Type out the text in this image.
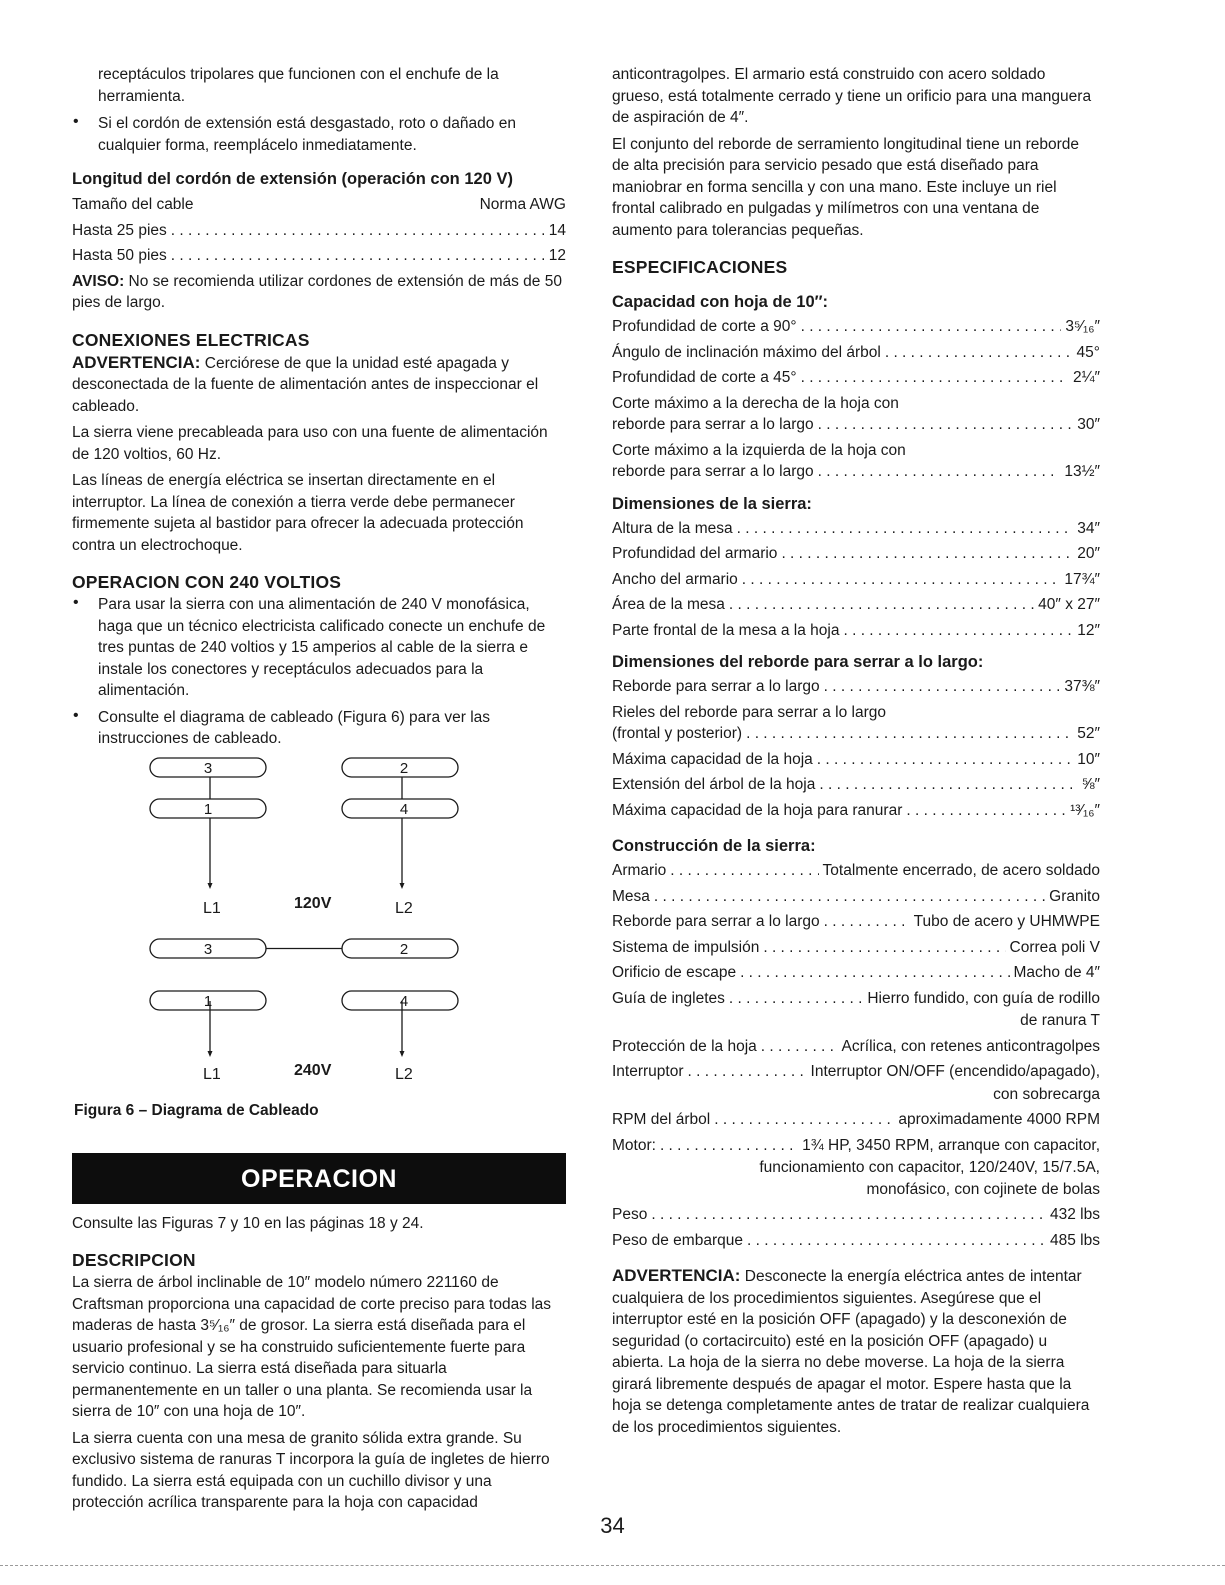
receptáculos tripolares que funcionen con el enchufe de la herramienta.

• Si el cordón de extensión está desgastado, roto o dañado en cualquier forma, reemplácelo inmediatamente.

Longitud del cordón de extensión (operación con 120 V)
Tamaño del cable	Norma AWG
Hasta 25 pies . . .	14
Hasta 50 pies . . .	12

AVISO: No se recomienda utilizar cordones de extensión de más de 50 pies de largo.

CONEXIONES ELECTRICAS

ADVERTENCIA: Cerciórese de que la unidad esté apagada y desconectada de la fuente de alimentación antes de inspeccionar el cableado.

La sierra viene precableada para uso con una fuente de alimentación de 120 voltios, 60 Hz.

Las líneas de energía eléctrica se insertan directamente en el interruptor. La línea de conexión a tierra verde debe permanecer firmemente sujeta al bastidor para ofrecer la adecuada protección contra un electrochoque.

OPERACION CON 240 VOLTIOS
• Para usar la sierra con una alimentación de 240 V monofásica, haga que un técnico electricista calificado conecte un enchufe de tres puntas de 240 voltios y 15 amperios al cable de la sierra e instale los conectores y receptáculos adecuados para la alimentación.

• Consulte el diagrama de cableado (Figura 6) para ver las instrucciones de cableado.

3	2
1	4
L1	L2
120V
3	2
1	4
L1	L2
240V

Figura 6 – Diagrama de Cableado

OPERACION

Consulte las Figuras 7 y 10 en las páginas 18 y 24.

DESCRIPCION

La sierra de árbol inclinable de 10″ modelo número 221160 de Craftsman proporciona una capacidad de corte preciso para todas las maderas de hasta 3⁵⁄₁₆″ de grosor. La sierra está diseñada para el usuario profesional y se ha construido suficientemente fuerte para servicio continuo. La sierra está diseñada para situarla permanentemente en un taller o una planta. Se recomienda usar la sierra de 10″ con una hoja de 10″.

La sierra cuenta con una mesa de granito sólida extra grande. Su exclusivo sistema de ranuras T incorpora la guía de ingletes de hierro fundido. La sierra está equipada con un cuchillo divisor y una protección acrílica transparente para la hoja con capacidad

anticontragolpes. El armario está construido con acero soldado grueso, está totalmente cerrado y tiene un orificio para una manguera de aspiración de 4″.

El conjunto del reborde de serramiento longitudinal tiene un reborde de alta precisión para servicio pesado que está diseñado para maniobrar en forma sencilla y con una mano. Este incluye un riel frontal calibrado en pulgadas y milímetros con una ventana de aumento para tolerancias pequeñas.

ESPECIFICACIONES
Capacidad con hoja de 10″:
Profundidad de corte a 90° . . .	3⁵⁄₁₆″
Ángulo de inclinación máximo del árbol . . .	45°
Profundidad de corte a 45° . . .	2¼″

Corte máximo a la derecha de la hoja con

reborde para serrar a lo largo . . .	30″

Corte máximo a la izquierda de la hoja con

reborde para serrar a lo largo . . .	13½″
Dimensiones de la sierra:
Altura de la mesa . . .	34″
Profundidad del armario . . .	20″
Ancho del armario . . .	17¾″
Área de la mesa . . .	40″ x 27″
Parte frontal de la mesa a la hoja . . .	12″
Dimensiones del reborde para serrar a lo largo:
Reborde para serrar a lo largo . . .	37⅜″

Rieles del reborde para serrar a lo largo

(frontal y posterior) . . .	52″
Máxima capacidad de la hoja . . .	10″
Extensión del árbol de la hoja . . .	⅝″
Máxima capacidad de la hoja para ranurar . . .	¹³⁄₁₆″
Construcción de la sierra:
Armario . . .	Totalmente encerrado, de acero soldado
Mesa . . .	Granito
Reborde para serrar a lo largo . . .	Tubo de acero y UHMWPE
Sistema de impulsión . . .	Correa poli V
Orificio de escape . . .	Macho de 4″
Guía de ingletes . . .	Hierro fundido, con guía de rodillo

de ranura T

Protección de la hoja . . .	Acrílica, con retenes anticontragolpes
Interruptor . . .	Interruptor ON/OFF (encendido/apagado),

con sobrecarga

RPM del árbol . . .	aproximadamente 4000 RPM
Motor: . . .	1¾ HP, 3450 RPM, arranque con capacitor,

funcionamiento con capacitor, 120/240V, 15/7.5A,

monofásico, con cojinete de bolas

Peso . . .	432 lbs
Peso de embarque . . .	485 lbs

ADVERTENCIA: Desconecte la energía eléctrica antes de intentar cualquiera de los procedimientos siguientes. Asegúrese que el interruptor esté en la posición OFF (apagado) y la desconexión de seguridad (o cortacircuito) esté en la posición OFF (apagado) u abierta. La hoja de la sierra no debe moverse. La hoja de la sierra girará libremente después de apagar el motor. Espere hasta que la hoja se detenga completamente antes de tratar de realizar cualquiera de los procedimientos siguientes.

34
